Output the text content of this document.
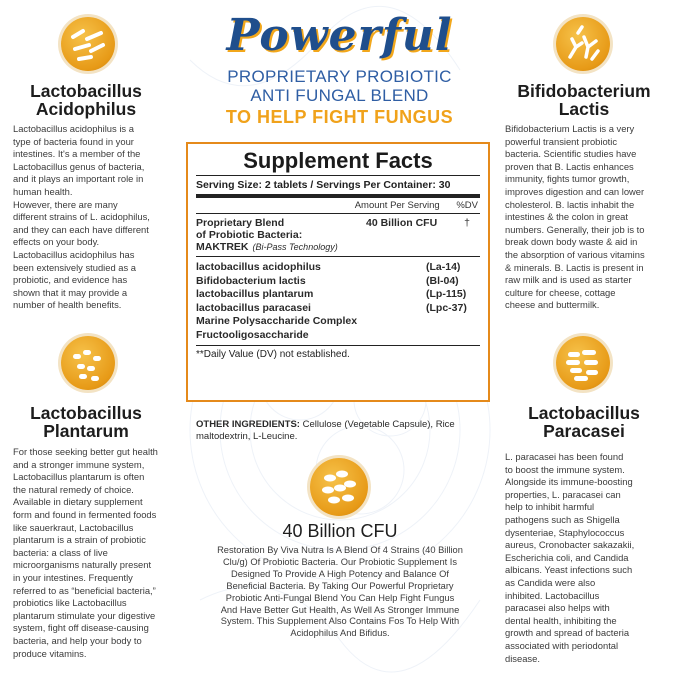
Powerful
PROPRIETARY PROBIOTIC
ANTI FUNGAL BLEND
TO HELP FIGHT FUNGUS
Lactobacillus
Acidophilus

Lactobacillus acidophilus is a

type of bacteria found in your

intestines. It's a member of the

Lactobacillus genus of bacteria,

and it plays an important role in

human health.

However, there are many

different strains of L. acidophilus,

and they can each have different

effects on your body.

Lactobacillus acidophilus has

been extensively studied as a

probiotic, and evidence has

shown that it may provide a

number of health benefits.

Bifidobacterium
Lactis

Bifidobacterium Lactis is a very

powerful transient probiotic

bacteria. Scientific studies have

proven that B. Lactis enhances

immunity, fights tumor growth,

improves digestion and can lower

cholesterol. B. lactis inhabit the

intestines & the colon in great

numbers. Generally, their job is to

break down body waste & aid in

the absorption of various vitamins

& minerals. B. Lactis is present in

raw milk and is used as starter

culture for cheese, cottage

cheese and buttermilk.

Lactobacillus
Plantarum

For those seeking better gut health

and a stronger immune system,

Lactobacillus plantarum is often

the natural remedy of choice.

Available in dietary supplement

form and found in fermented foods

like sauerkraut, Lactobacillus

plantarum is a strain of probiotic

bacteria: a class of live

microorganisms naturally present

in your intestines. Frequently

referred to as “beneficial bacteria,”

probiotics like Lactobacillus

plantarum stimulate your digestive

system, fight off disease-causing

bacteria, and help your body to

produce vitamins.

Lactobacillus
Paracasei

L. paracasei has been found

to boost the immune system.

Alongside its immune-boosting

properties, L. paracasei can

help to inhibit harmful

pathogens such as Shigella

dysenteriae, Staphylococcus

aureus, Cronobacter sakazakii,

Escherichia coli, and Candida

albicans. Yeast infections such

as Candida were also

inhibited. Lactobacillus

paracasei also helps with

dental health, inhibiting the

growth and spread of bacteria

associated with periodontal

disease.

Supplement Facts
Serving Size: 2 tablets / Servings Per Container: 30
Amount Per Serving %DV
Proprietary Blend
of Probiotic Bacteria:
MAKTREK (Bi-Pass Technology)
40 Billion CFU	†
lactobacillus acidophilus	(La-14)
Bifidobacterium lactis	(Bl-04)
lactobacillus plantarum	(Lp-115)
lactobacillus paracasei	(Lpc-37)
Marine Polysaccharide Complex
Fructooligosaccharide
**Daily Value (DV) not established.
OTHER INGREDIENTS: Cellulose (Vegetable Capsule), Rice maltodextrin, L-Leucine.
40 Billion CFU

Restoration By Viva Nutra Is A Blend Of 4 Strains (40 Billion

Clu/g) Of Probiotic Bacteria. Our Probiotic Supplement Is

Designed To Provide A High Potency and Balance Of

Beneficial Bacteria. By Taking Our Powerful Proprietary

Probiotic Anti-Fungal Blend You Can Help Fight Fungus

And Have Better Gut Health, As Well As Stronger Immune

System. This Supplement Also Contains Fos To Help With

Acidophilus And Bifidus.
